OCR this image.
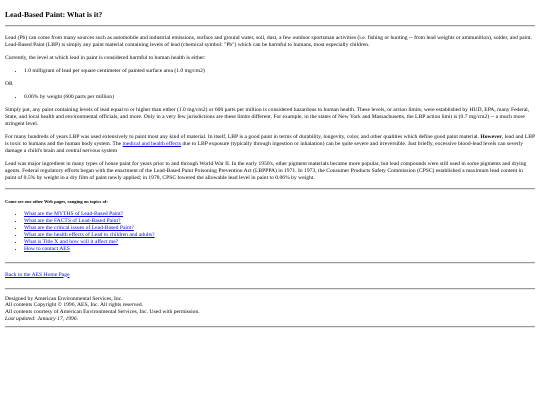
Lead-Based Paint: What is it?

Lead (Pb) can come from many sources such as automobile and industrial emissions, surface and ground water, soil, dust, a few outdoor sportsman activities (i.e. fishing or hunting -- from lead weights or ammunition), solder, and paint. Lead-Based Paint (LBP) is simply any paint material containing levels of lead (chemical symbol: "Pb") which can be harmful to humans, most especially children.

Currently, the level at which lead in paint is considered harmful to human health is either:

• 1.0 milligram of lead per square centimeter of painted surface area (1.0 mg/cm2)

OR

• 0.06% by weight (600 parts per million)

Simply put, any paint containing levels of lead equal to or higher than either (1.0 mg/cm2) or 600 parts per million is considered hazardous to human health. These levels, or action limits, were established by HUD, EPA, many Federal, State, and local health and environmental officials, and more. Only in a very few jurisdictions are these limits different. For example, in the states of New York and Massachusetts, the LBP action limit is (0.7 mg/cm2) -- a much more stringent level.

For many hundreds of years LBP was used extensively to paint most any kind of material. In itself, LBP is a good paint in terms of durability, longevity, color, and other qualities which define good paint material. However, lead and LBP is toxic to humans and the human body system. The medical and health effects due to LBP exposure (typically through ingestion or inhalation) can be quite severe and irreversible. Just briefly, excessive blood-lead levels can severly damage a child's brain and central nervous system

Lead was major ingredient in many types of house paint for years prior to and through World War II. In the early 1950's, other pigment materials became more popular, but lead compounds were still used in some pigments and drying agents. Federal regulatory efforts began with the enactment of the Lead-Based Paint Poisoning Prevention Act (LBPPPA) in 1971. In 1973, the Consumer Products Safety Commission (CPSC) established a maximum lead content in paint of 0.5% by weight in a dry film of paint newly applied; in 1978, CPSC lowered the allowable lead level in paint to 0.06% by weight.

Come see our other Web pages, ranging on topics of:
• What are the MYTHS of Lead-Based Paint?
• What are the FACTS of Lead-Based Paint?
• What are the critical issues of Lead-Based Paint?
• What are the health effects of Lead to children and adults?
• What is Title X and how will it affect me?
• How to contact AES
Back to the AES Home Page
Designed by American Environmental Services, Inc.
All contents Copyright © 1996, AES, Inc. All rights reserved.
All contents courtesy of American Environmental Services, Inc. Used with permission.
Last updated: January 17, 1996.
